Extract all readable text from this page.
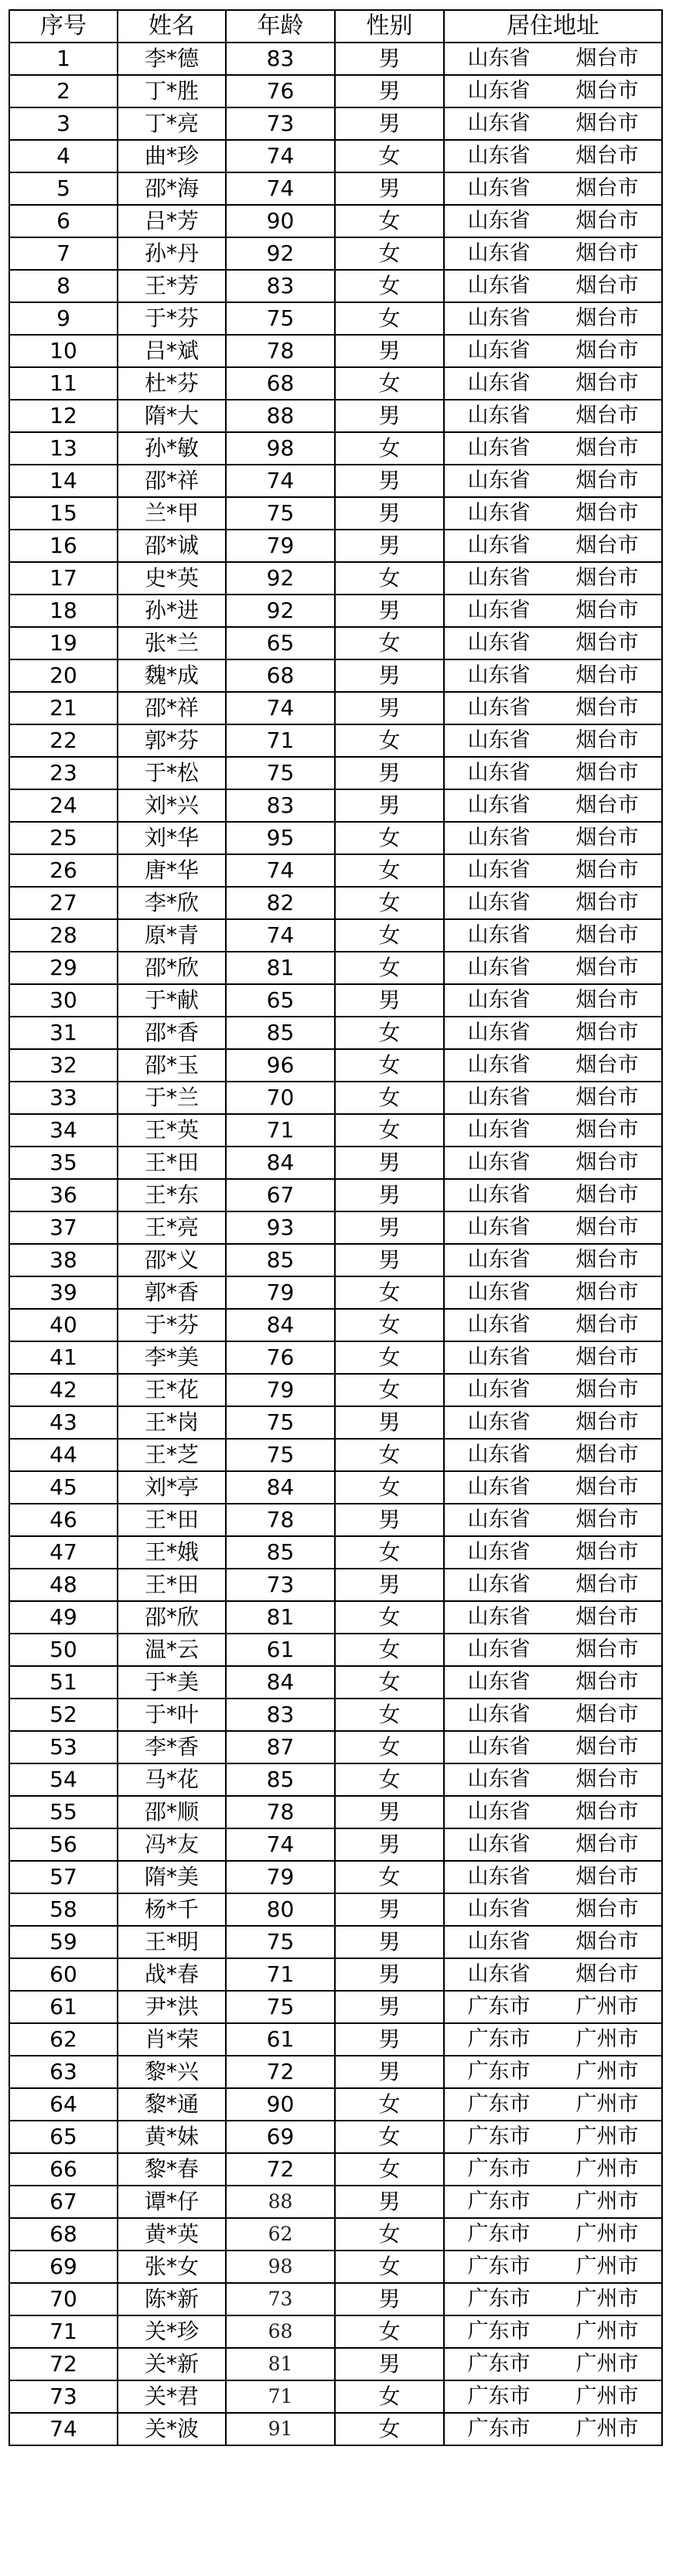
序号	姓名	年龄	性别	居住地址	
1	李*德	83	男	山东省	烟台市
2	丁*胜	76	男	山东省	烟台市
3	丁*亮	73	男	山东省	烟台市
4	曲*珍	74	女	山东省	烟台市
5	邵*海	74	男	山东省	烟台市
6	吕*芳	90	女	山东省	烟台市
7	孙*丹	92	女	山东省	烟台市
8	王*芳	83	女	山东省	烟台市
9	于*芬	75	女	山东省	烟台市
10	吕*斌	78	男	山东省	烟台市
11	杜*芬	68	女	山东省	烟台市
12	隋*大	88	男	山东省	烟台市
13	孙*敏	98	女	山东省	烟台市
14	邵*祥	74	男	山东省	烟台市
15	兰*甲	75	男	山东省	烟台市
16	邵*诚	79	男	山东省	烟台市
17	史*英	92	女	山东省	烟台市
18	孙*进	92	男	山东省	烟台市
19	张*兰	65	女	山东省	烟台市
20	魏*成	68	男	山东省	烟台市
21	邵*祥	74	男	山东省	烟台市
22	郭*芬	71	女	山东省	烟台市
23	于*松	75	男	山东省	烟台市
24	刘*兴	83	男	山东省	烟台市
25	刘*华	95	女	山东省	烟台市
26	唐*华	74	女	山东省	烟台市
27	李*欣	82	女	山东省	烟台市
28	原*青	74	女	山东省	烟台市
29	邵*欣	81	女	山东省	烟台市
30	于*献	65	男	山东省	烟台市
31	邵*香	85	女	山东省	烟台市
32	邵*玉	96	女	山东省	烟台市
33	于*兰	70	女	山东省	烟台市
34	王*英	71	女	山东省	烟台市
35	王*田	84	男	山东省	烟台市
36	王*东	67	男	山东省	烟台市
37	王*亮	93	男	山东省	烟台市
38	邵*义	85	男	山东省	烟台市
39	郭*香	79	女	山东省	烟台市
40	于*芬	84	女	山东省	烟台市
41	李*美	76	女	山东省	烟台市
42	王*花	79	女	山东省	烟台市
43	王*岗	75	男	山东省	烟台市
44	王*芝	75	女	山东省	烟台市
45	刘*亭	84	女	山东省	烟台市
46	王*田	78	男	山东省	烟台市
47	王*娥	85	女	山东省	烟台市
48	王*田	73	男	山东省	烟台市
49	邵*欣	81	女	山东省	烟台市
50	温*云	61	女	山东省	烟台市
51	于*美	84	女	山东省	烟台市
52	于*叶	83	女	山东省	烟台市
53	李*香	87	女	山东省	烟台市
54	马*花	85	女	山东省	烟台市
55	邵*顺	78	男	山东省	烟台市
56	冯*友	74	男	山东省	烟台市
57	隋*美	79	女	山东省	烟台市
58	杨*千	80	男	山东省	烟台市
59	王*明	75	男	山东省	烟台市
60	战*春	71	男	山东省	烟台市
61	尹*洪	75	男	广东市	广州市
62	肖*荣	61	男	广东市	广州市
63	黎*兴	72	男	广东市	广州市
64	黎*通	90	女	广东市	广州市
65	黄*妹	69	女	广东市	广州市
66	黎*春	72	女	广东市	广州市
67	谭*仔	88	男	广东市	广州市
68	黄*英	62	女	广东市	广州市
69	张*女	98	女	广东市	广州市
70	陈*新	73	男	广东市	广州市
71	关*珍	68	女	广东市	广州市
72	关*新	81	男	广东市	广州市
73	关*君	71	女	广东市	广州市
74	关*波	91	女	广东市	广州市
